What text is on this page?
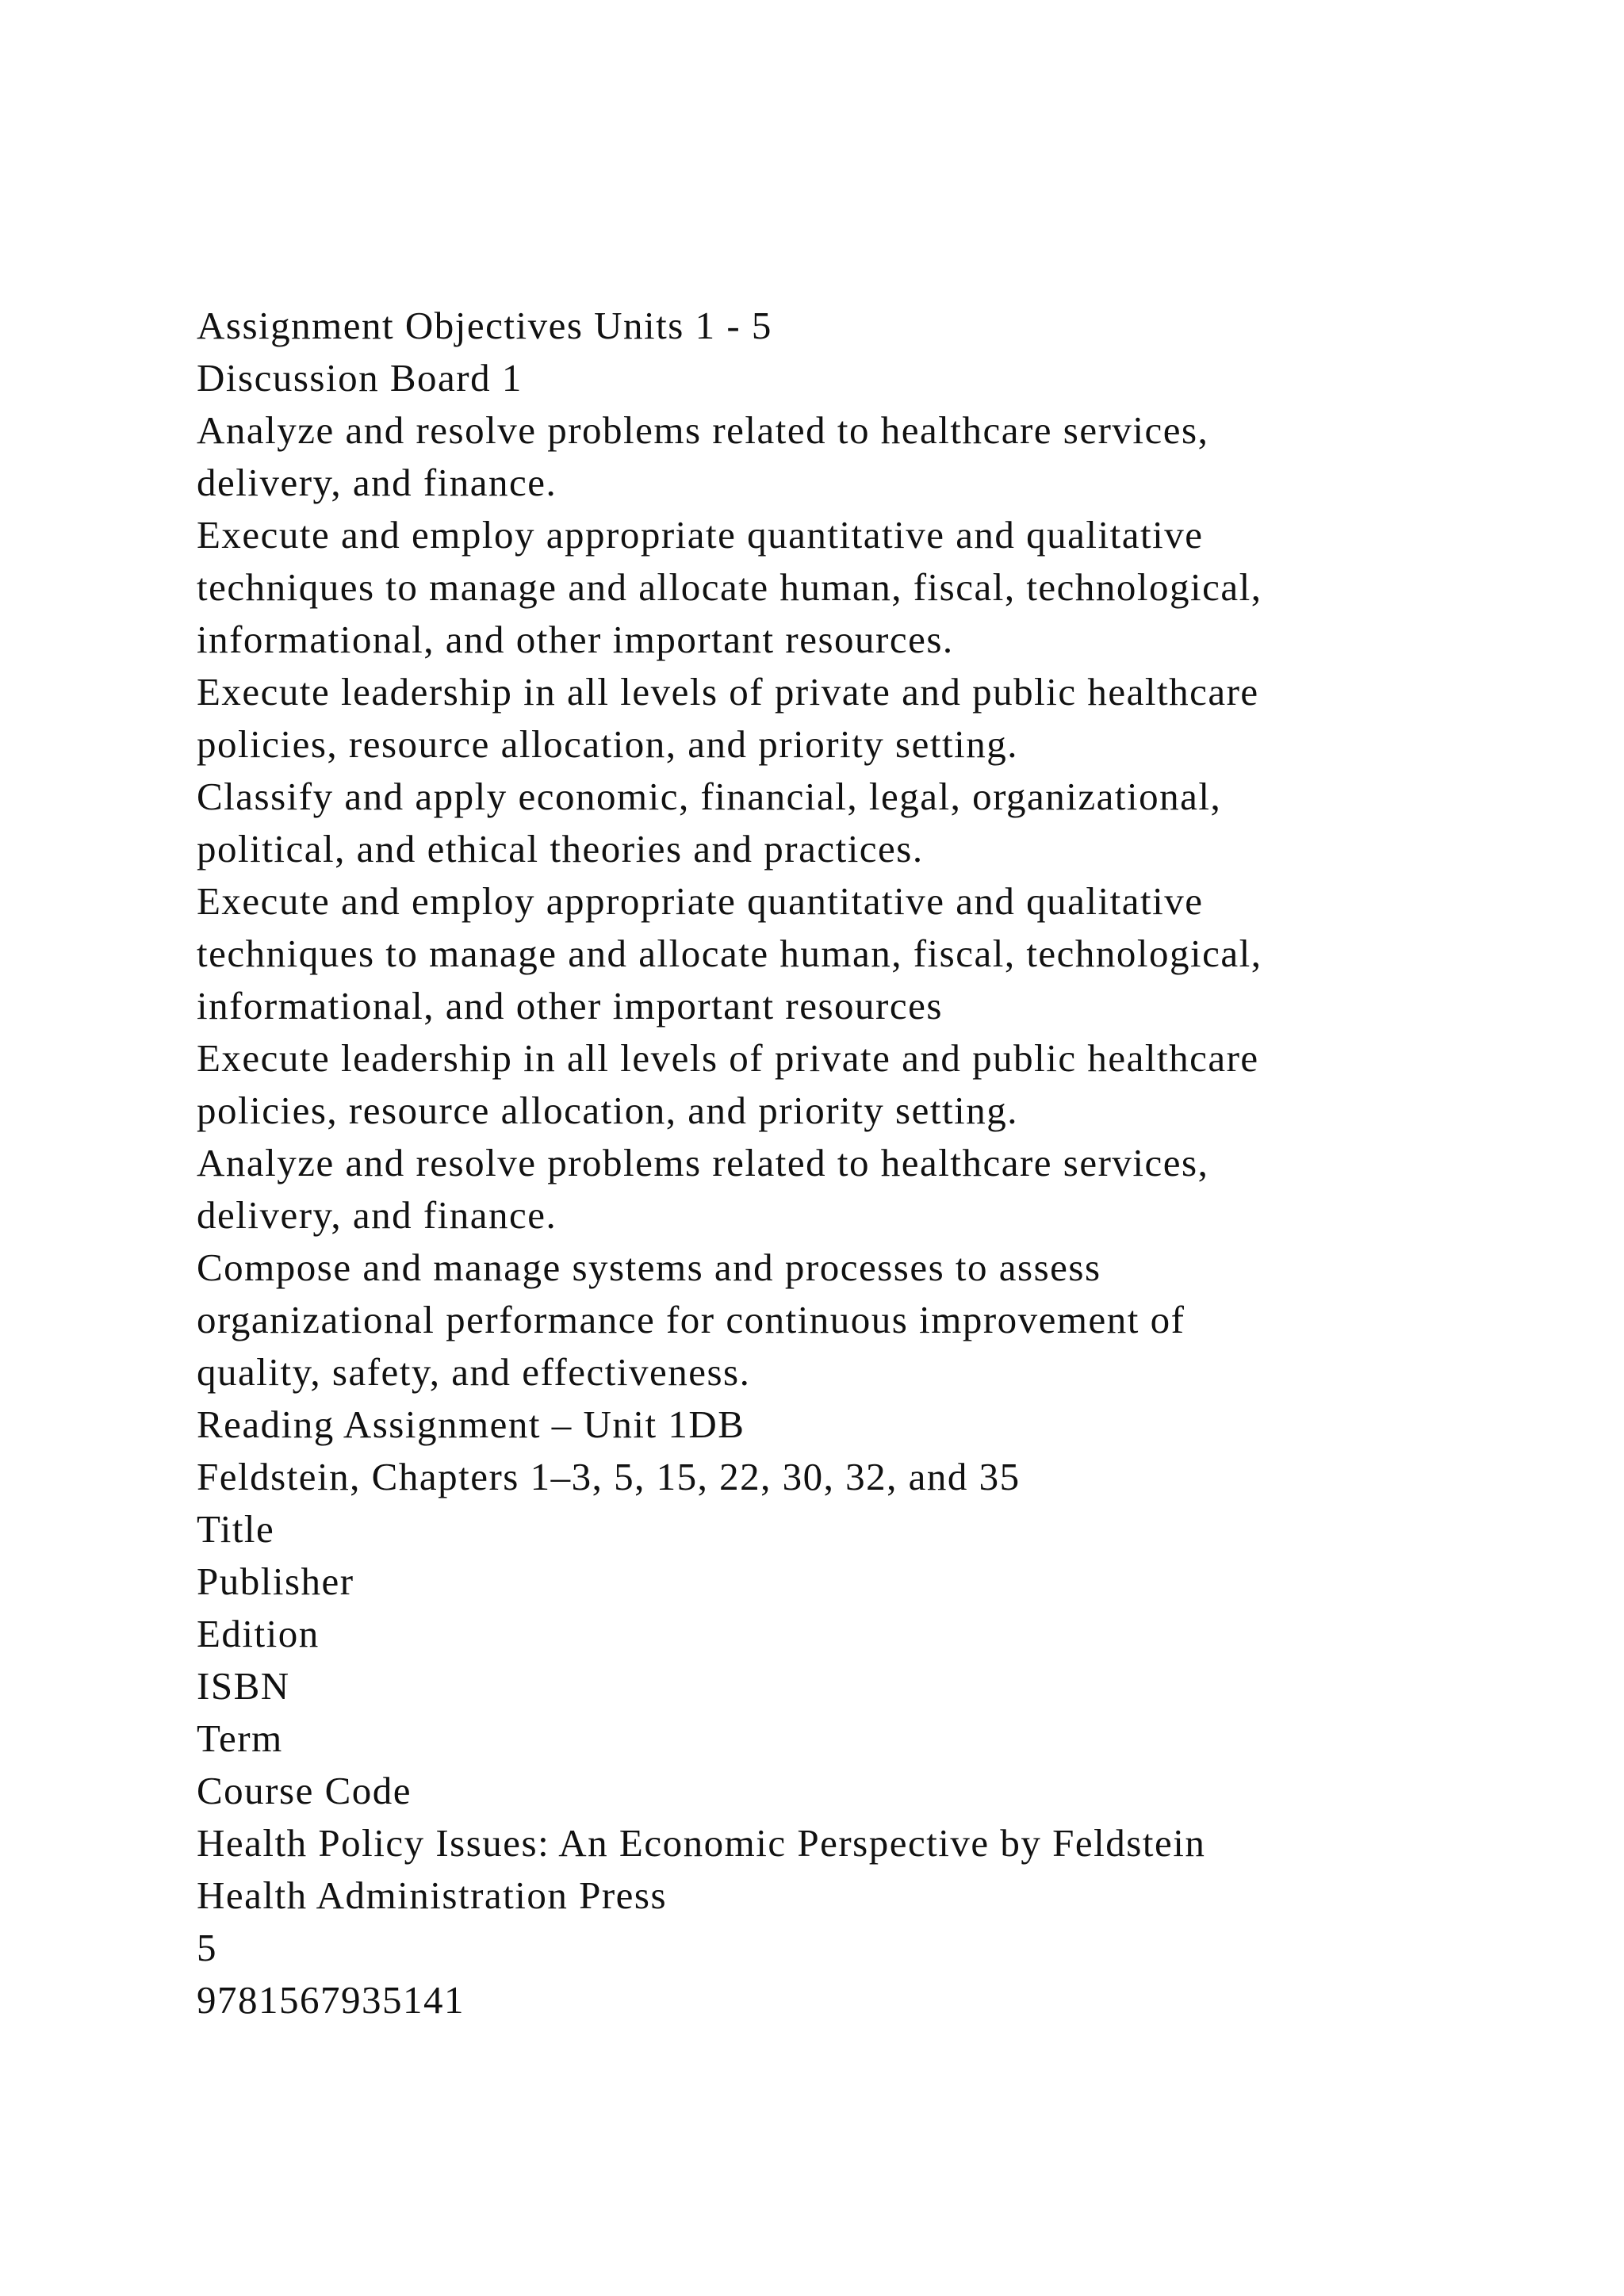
Assignment Objectives Units 1 - 5
Discussion Board 1
Analyze and resolve problems related to healthcare services,
delivery, and finance.
Execute and employ appropriate quantitative and qualitative
techniques to manage and allocate human, fiscal, technological,
informational, and other important resources.
Execute leadership in all levels of private and public healthcare
policies, resource allocation, and priority setting.
Classify and apply economic, financial, legal, organizational,
political, and ethical theories and practices.
Execute and employ appropriate quantitative and qualitative
techniques to manage and allocate human, fiscal, technological,
informational, and other important resources
Execute leadership in all levels of private and public healthcare
policies, resource allocation, and priority setting.
Analyze and resolve problems related to healthcare services,
delivery, and finance.
Compose and manage systems and processes to assess
organizational performance for continuous improvement of
quality, safety, and effectiveness.
Reading Assignment – Unit 1DB
Feldstein, Chapters 1–3, 5, 15, 22, 30, 32, and 35
Title
Publisher
Edition
ISBN
Term
Course Code
Health Policy Issues: An Economic Perspective by Feldstein
Health Administration Press
5
9781567935141
